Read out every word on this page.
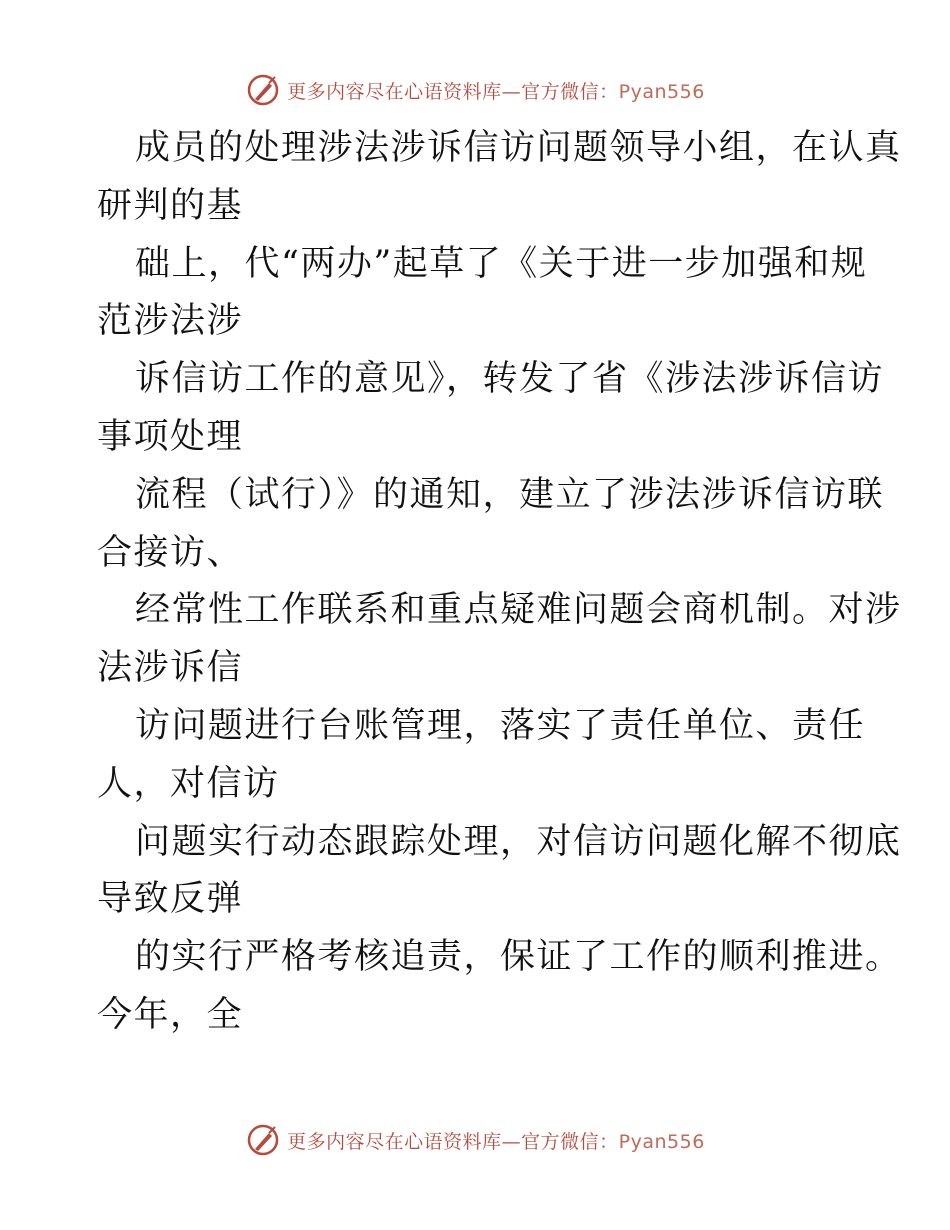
更多内容尽在心语资料库—官方微信：Pyan556
成员的处理涉法涉诉信访问题领导小组，在认真
研判的基
础上，代“两办”起草了《关于进一步加强和规
范涉法涉
诉信访工作的意见》，转发了省《涉法涉诉信访
事项处理
流程（试行）》的通知，建立了涉法涉诉信访联
合接访、
经常性工作联系和重点疑难问题会商机制。对涉
法涉诉信
访问题进行台账管理，落实了责任单位、责任
人，对信访
问题实行动态跟踪处理，对信访问题化解不彻底
导致反弹
的实行严格考核追责，保证了工作的顺利推进。
今年，全
更多内容尽在心语资料库—官方微信：Pyan556
